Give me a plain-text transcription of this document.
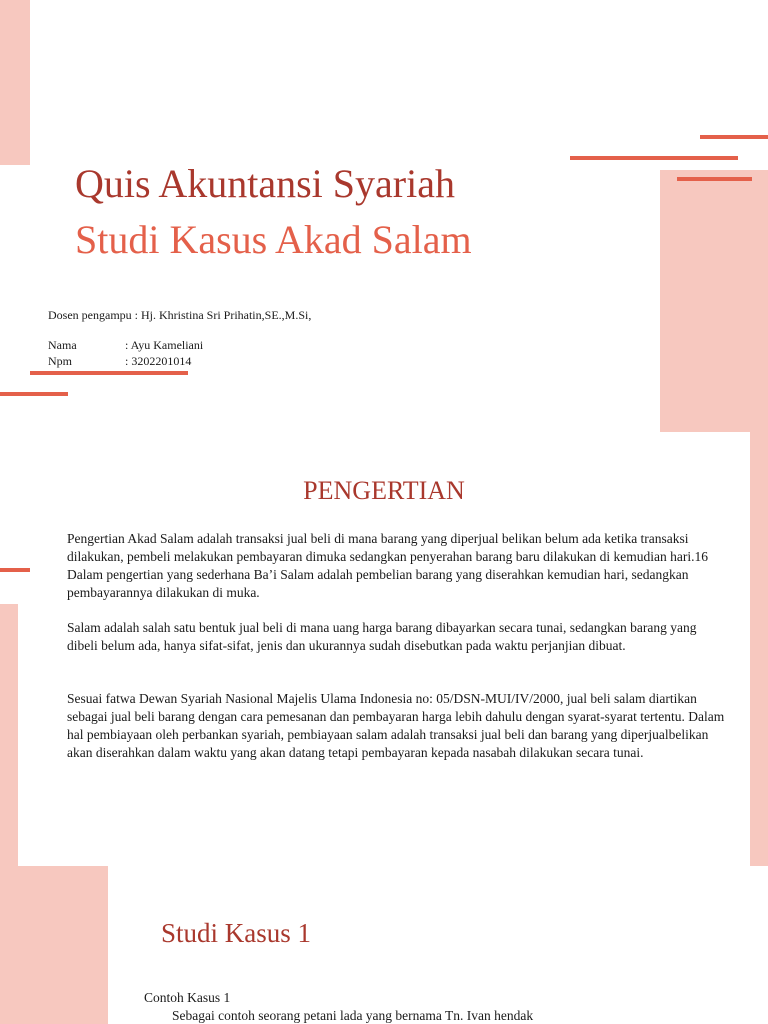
Quis Akuntansi Syariah
Studi Kasus Akad Salam
Dosen pengampu : Hj. Khristina Sri Prihatin,SE.,M.Si,
Nama	: Ayu Kameliani
Npm	: 3202201014
PENGERTIAN

Pengertian Akad Salam adalah transaksi jual beli di mana barang yang diperjual belikan belum ada ketika transaksi dilakukan, pembeli melakukan pembayaran dimuka sedangkan penyerahan barang baru dilakukan di kemudian hari.16 Dalam pengertian yang sederhana Ba’i Salam adalah pembelian barang yang diserahkan kemudian hari, sedangkan pembayarannya dilakukan di muka.

Salam adalah salah satu bentuk jual beli di mana uang harga barang dibayarkan secara tunai, sedangkan barang yang dibeli belum ada, hanya sifat-sifat, jenis dan ukurannya sudah disebutkan pada waktu perjanjian dibuat.

Sesuai fatwa Dewan Syariah Nasional Majelis Ulama Indonesia no: 05/DSN-MUI/IV/2000, jual beli salam diartikan sebagai jual beli barang dengan cara pemesanan dan pembayaran harga lebih dahulu dengan syarat-syarat tertentu. Dalam hal pembiayaan oleh perbankan syariah, pembiayaan salam adalah transaksi jual beli dan barang yang diperjualbelikan akan diserahkan dalam waktu yang akan datang tetapi pembayaran kepada nasabah dilakukan secara tunai.

Studi Kasus 1
Contoh Kasus 1
Sebagai contoh seorang petani lada yang bernama Tn. Ivan hendak
